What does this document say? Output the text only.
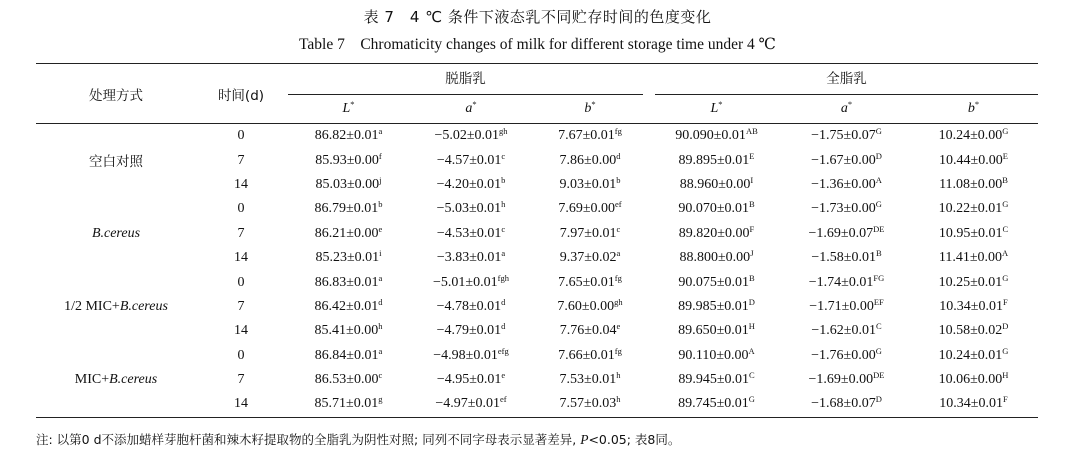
表 7　4 ℃ 条件下液态乳不同贮存时间的色度变化
Table 7　Chromaticity changes of milk for different storage time under 4 ℃
处理方式	时间(d)	脱脂乳			全脂乳		

		L*	a*	b*	L*	a*	b*
空白对照	0	86.82±0.01$^a$	−5.02±0.01$^{gh}$	7.67±0.01$^{fg}$	$90.090\pm 0.01^{AB}$	$-1.75\pm 0.07^G$	$10.24\pm 0.00^G$
	7	85.93±0.00$^f$	−4.57±0.01$^c$	7.86±0.00$^d$	$89.895\pm 0.01^E$	$-1.67\pm 0.00^D$	$10.44\pm 0.00^E$
	14	$85.03\pm 0.00^j$	−4.20±0.01$^b$	9.03±0.01$^b$	$88.960\pm 0.00^I$	$-1.36\pm 0.00^A$	$11.08\pm 0.00^B$
B.cereus	0	86.79±0.01$^b$	−5.03±0.01$^h$	7.69±0.00$^{ef}$	$90.070\pm 0.01^B$	$-1.73\pm 0.00^G$	$10.22\pm 0.01^G$
	7	86.21±0.00$^e$	−4.53±0.01$^c$	7.97±0.01$^c$	$89.820\pm 0.00^F$	−1.69±0.07DE	$10.95\pm 0.01^C$
	14	$85.23\pm 0.01^i$	−3.83±0.01$^a$	9.37±0.02$^a$	$88.800\pm 0.00^J$	$-1.58\pm 0.01^B$	$11.41\pm 0.00^A$
1/2 MIC+B.cereus	0	86.83±0.01$^a$	−5.01±0.01$^{fgh}$	7.65±0.01$^{fg}$	$90.075\pm 0.01^B$	$-1.74\pm 0.01^{FG}$	$10.25\pm 0.01^G$
	7	86.42±0.01$^d$	−4.78±0.01$^d$	7.60±0.00$^{gh}$	$89.985\pm 0.01^D$	$-1.71\pm 0.00^{EF}$	$10.34\pm 0.01^F$
	14	85.41±0.00$^h$	−4.79±0.01$^d$	7.76±0.04$^e$	$89.650\pm 0.01^H$	$-1.62\pm 0.01^C$	$10.58\pm 0.02^D$
MIC+B.cereus	0	86.84±0.01$^a$	−4.98±0.01$^{efg}$	7.66±0.01$^{fg}$	$90.110\pm 0.00^A$	$-1.76\pm 0.00^G$	$10.24\pm 0.01^G$
	7	86.53±0.00$^c$	−4.95±0.01$^e$	7.53±0.01$^h$	$89.945\pm 0.01^C$	−1.69±0.00DE	$10.06\pm 0.00^H$
	14	85.71±0.01$^g$	−4.97±0.01$^{ef}$	7.57±0.03$^h$	$89.745\pm 0.01^G$	$-1.68\pm 0.07^D$	$10.34\pm 0.01^F$
注: 以第0 d不添加蜡样芽胞杆菌和辣木籽提取物的全脂乳为阴性对照; 同列不同字母表示显著差异, P<0.05; 表8同。
